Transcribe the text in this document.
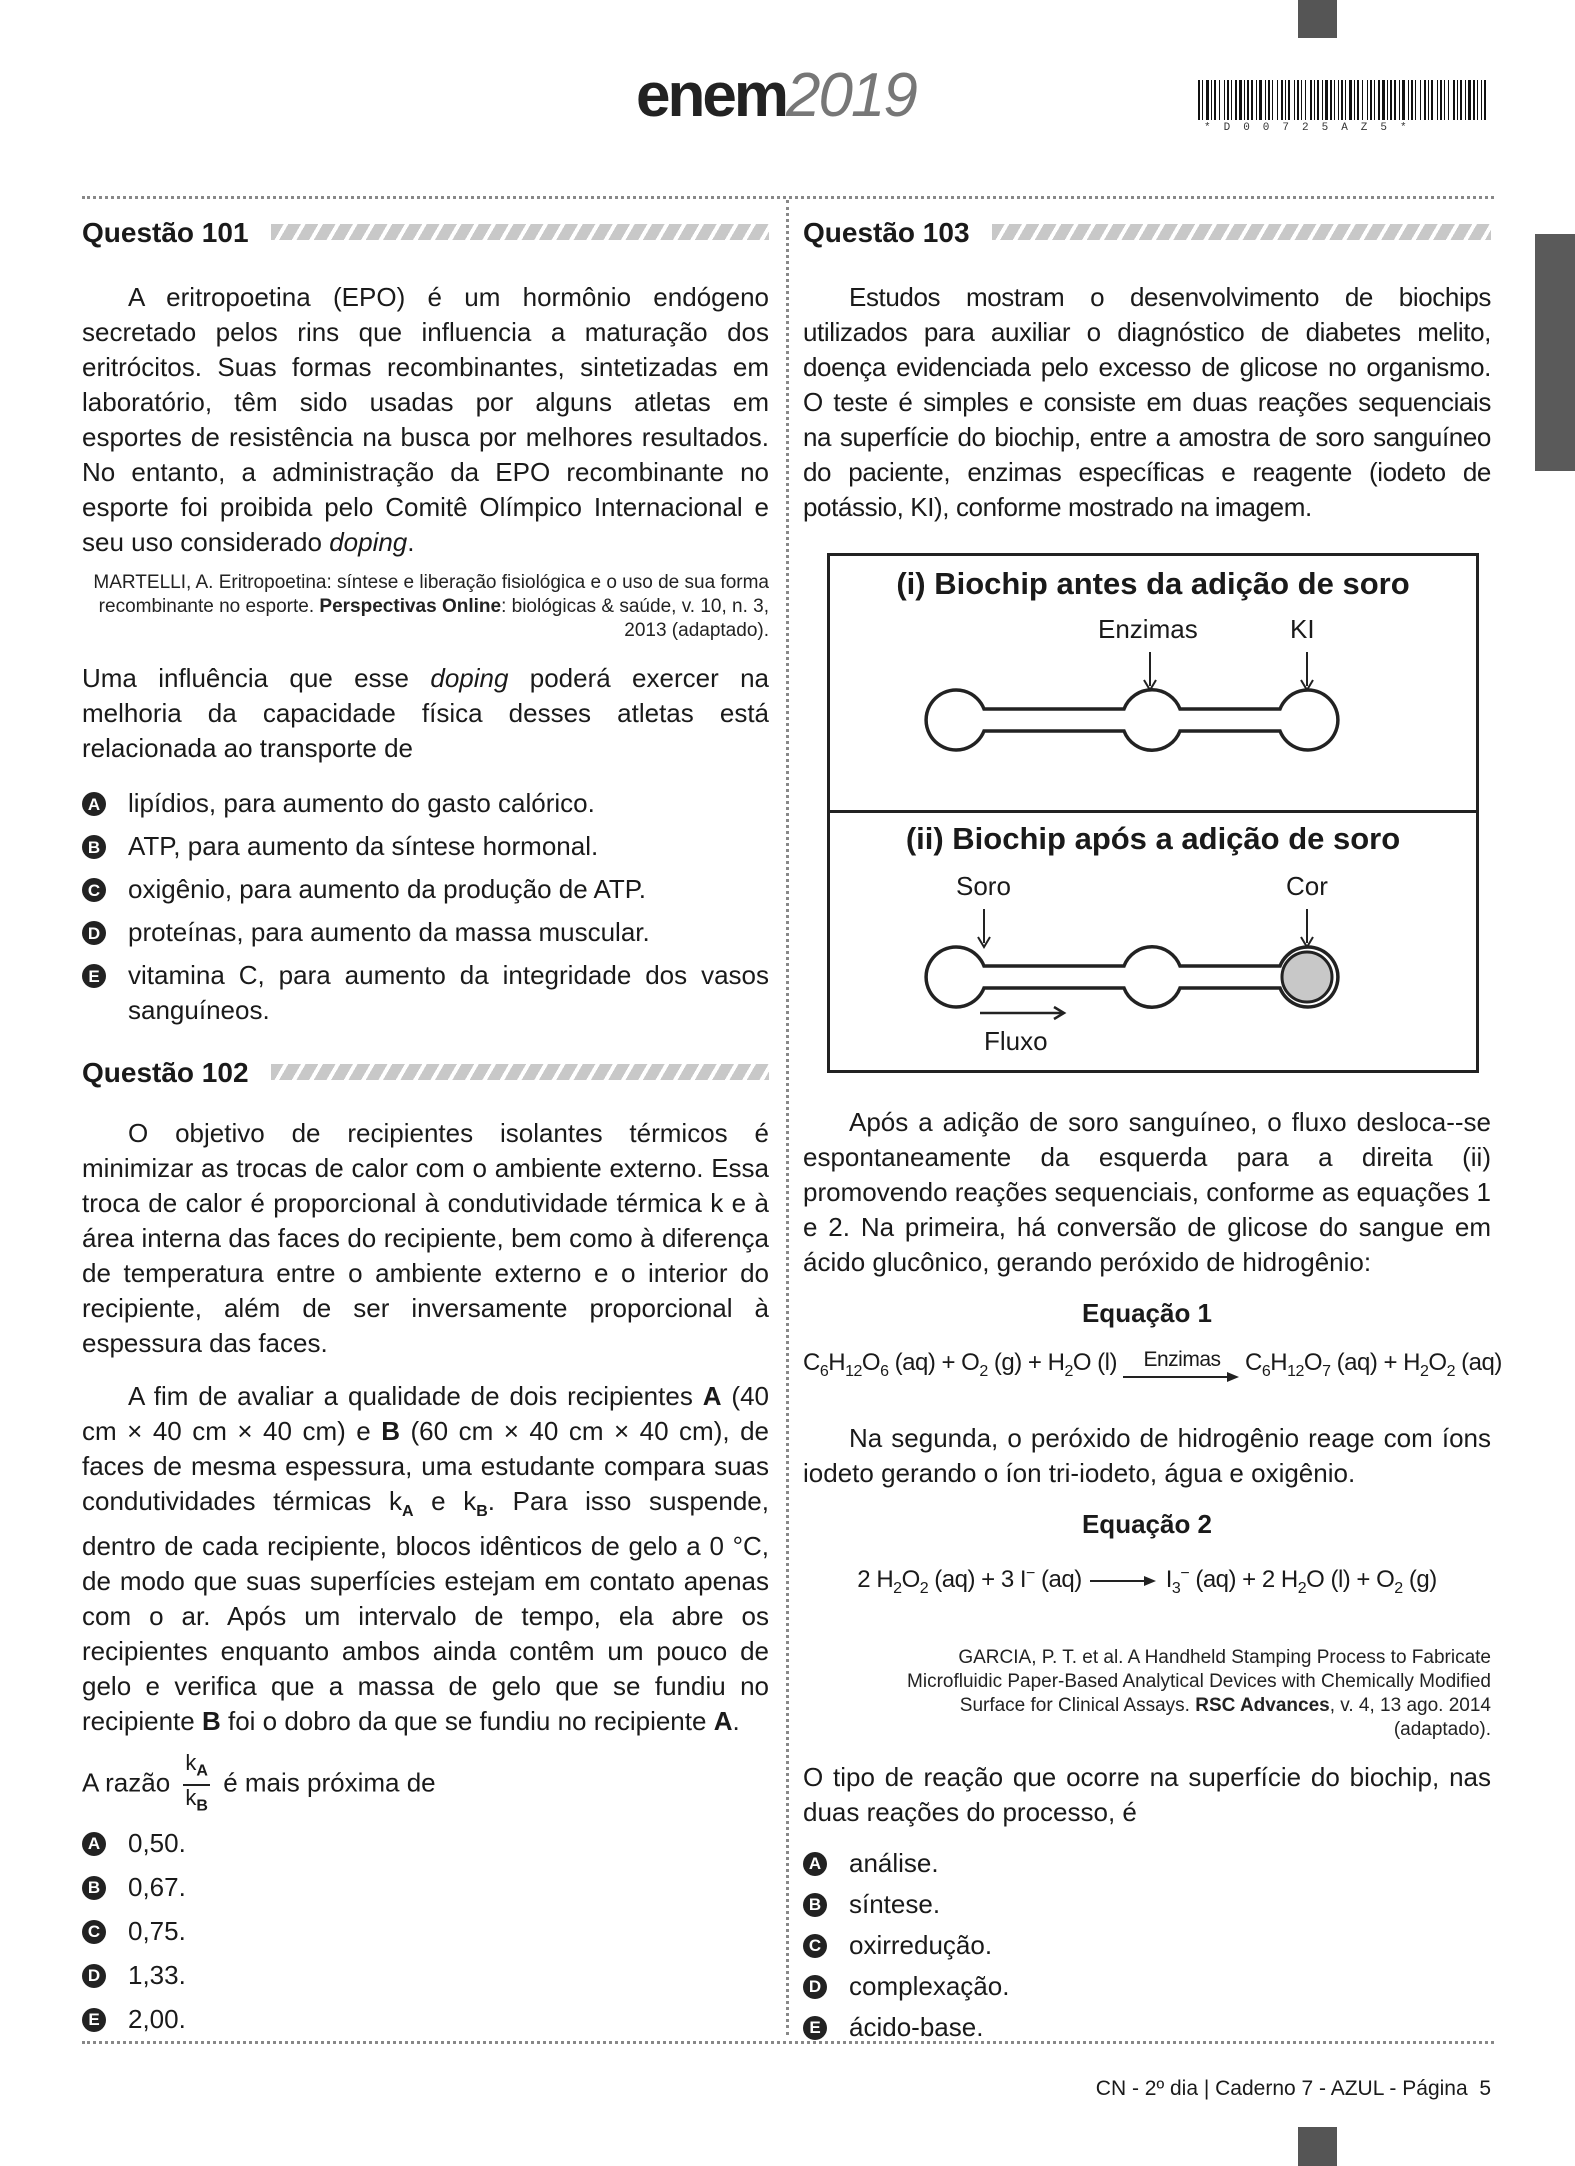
enem2019	*D00725AZ5*
Questão 101

A eritropoetina (EPO) é um hormônio endógeno secretado pelos rins que influencia a maturação dos eritrócitos. Suas formas recombinantes, sintetizadas em laboratório, têm sido usadas por alguns atletas em esportes de resistência na busca por melhores resultados. No entanto, a administração da EPO recombinante no esporte foi proibida pelo Comitê Olímpico Internacional e seu uso considerado doping.

MARTELLI, A. Eritropoetina: síntese e liberação fisiológica e o uso de sua forma recombinante no esporte. Perspectivas Online: biológicas & saúde, v. 10, n. 3, 2013 (adaptado).

Uma influência que esse doping poderá exercer na melhoria da capacidade física desses atletas está relacionada ao transporte de

A lipídios, para aumento do gasto calórico.
B ATP, para aumento da síntese hormonal.
C oxigênio, para aumento da produção de ATP.
D proteínas, para aumento da massa muscular.
E vitamina C, para aumento da integridade dos vasos sanguíneos.
Questão 102

O objetivo de recipientes isolantes térmicos é minimizar as trocas de calor com o ambiente externo. Essa troca de calor é proporcional à condutividade térmica k e à área interna das faces do recipiente, bem como à diferença de temperatura entre o ambiente externo e o interior do recipiente, além de ser inversamente proporcional à espessura das faces.

A fim de avaliar a qualidade de dois recipientes A (40 cm × 40 cm × 40 cm) e B (60 cm × 40 cm × 40 cm), de faces de mesma espessura, uma estudante compara suas condutividades térmicas $k_A$ e $k_B$. Para isso suspende, dentro de cada recipiente, blocos idênticos de gelo a 0 °C, de modo que suas superfícies estejam em contato apenas com o ar. Após um intervalo de tempo, ela abre os recipientes enquanto ambos ainda contêm um pouco de gelo e verifica que a massa de gelo que se fundiu no recipiente B foi o dobro da que se fundiu no recipiente A.

A razão $\frac{k_A}{k_B}$ é mais próxima de
A 0,50.
B 0,67.
C 0,75.
D 1,33.
E 2,00.
Questão 103

Estudos mostram o desenvolvimento de biochips utilizados para auxiliar o diagnóstico de diabetes melito, doença evidenciada pelo excesso de glicose no organismo. O teste é simples e consiste em duas reações sequenciais na superfície do biochip, entre a amostra de soro sanguíneo do paciente, enzimas específicas e reagente (iodeto de potássio, KI), conforme mostrado na imagem.

(i) Biochip antes da adição de soro
Enzimas	KI
(ii) Biochip após a adição de soro
Soro	Cor
Fluxo

Após a adição de soro sanguíneo, o fluxo desloca--se espontaneamente da esquerda para a direita (ii) promovendo reações sequenciais, conforme as equações 1 e 2. Na primeira, há conversão de glicose do sangue em ácido glucônico, gerando peróxido de hidrogênio:

Equação 1
$C_6H_{12}O_6$ $(aq) + O_2$ $(g) + H_2O$ (l) Enzimas $C_6H_{12}O_7$ $(aq) + H_2O_2$ (aq)

Na segunda, o peróxido de hidrogênio reage com íons iodeto gerando o íon tri-iodeto, água e oxigênio.

Equação 2
2 $H_2O_2$ (aq) + 3 I− $(aq) \to I_3^-$ (aq) + 2 $H_2O$ $(l) + O_2$ (g)

GARCIA, P. T. et al. A Handheld Stamping Process to Fabricate Microfluidic Paper-Based Analytical Devices with Chemically Modified Surface for Clinical Assays. RSC Advances, v. 4, 13 ago. 2014 (adaptado).

O tipo de reação que ocorre na superfície do biochip, nas duas reações do processo, é

A análise.
B síntese.
C oxirredução.
D complexação.
E ácido-base.
CN - 2º dia | Caderno 7 - AZUL - Página  5
